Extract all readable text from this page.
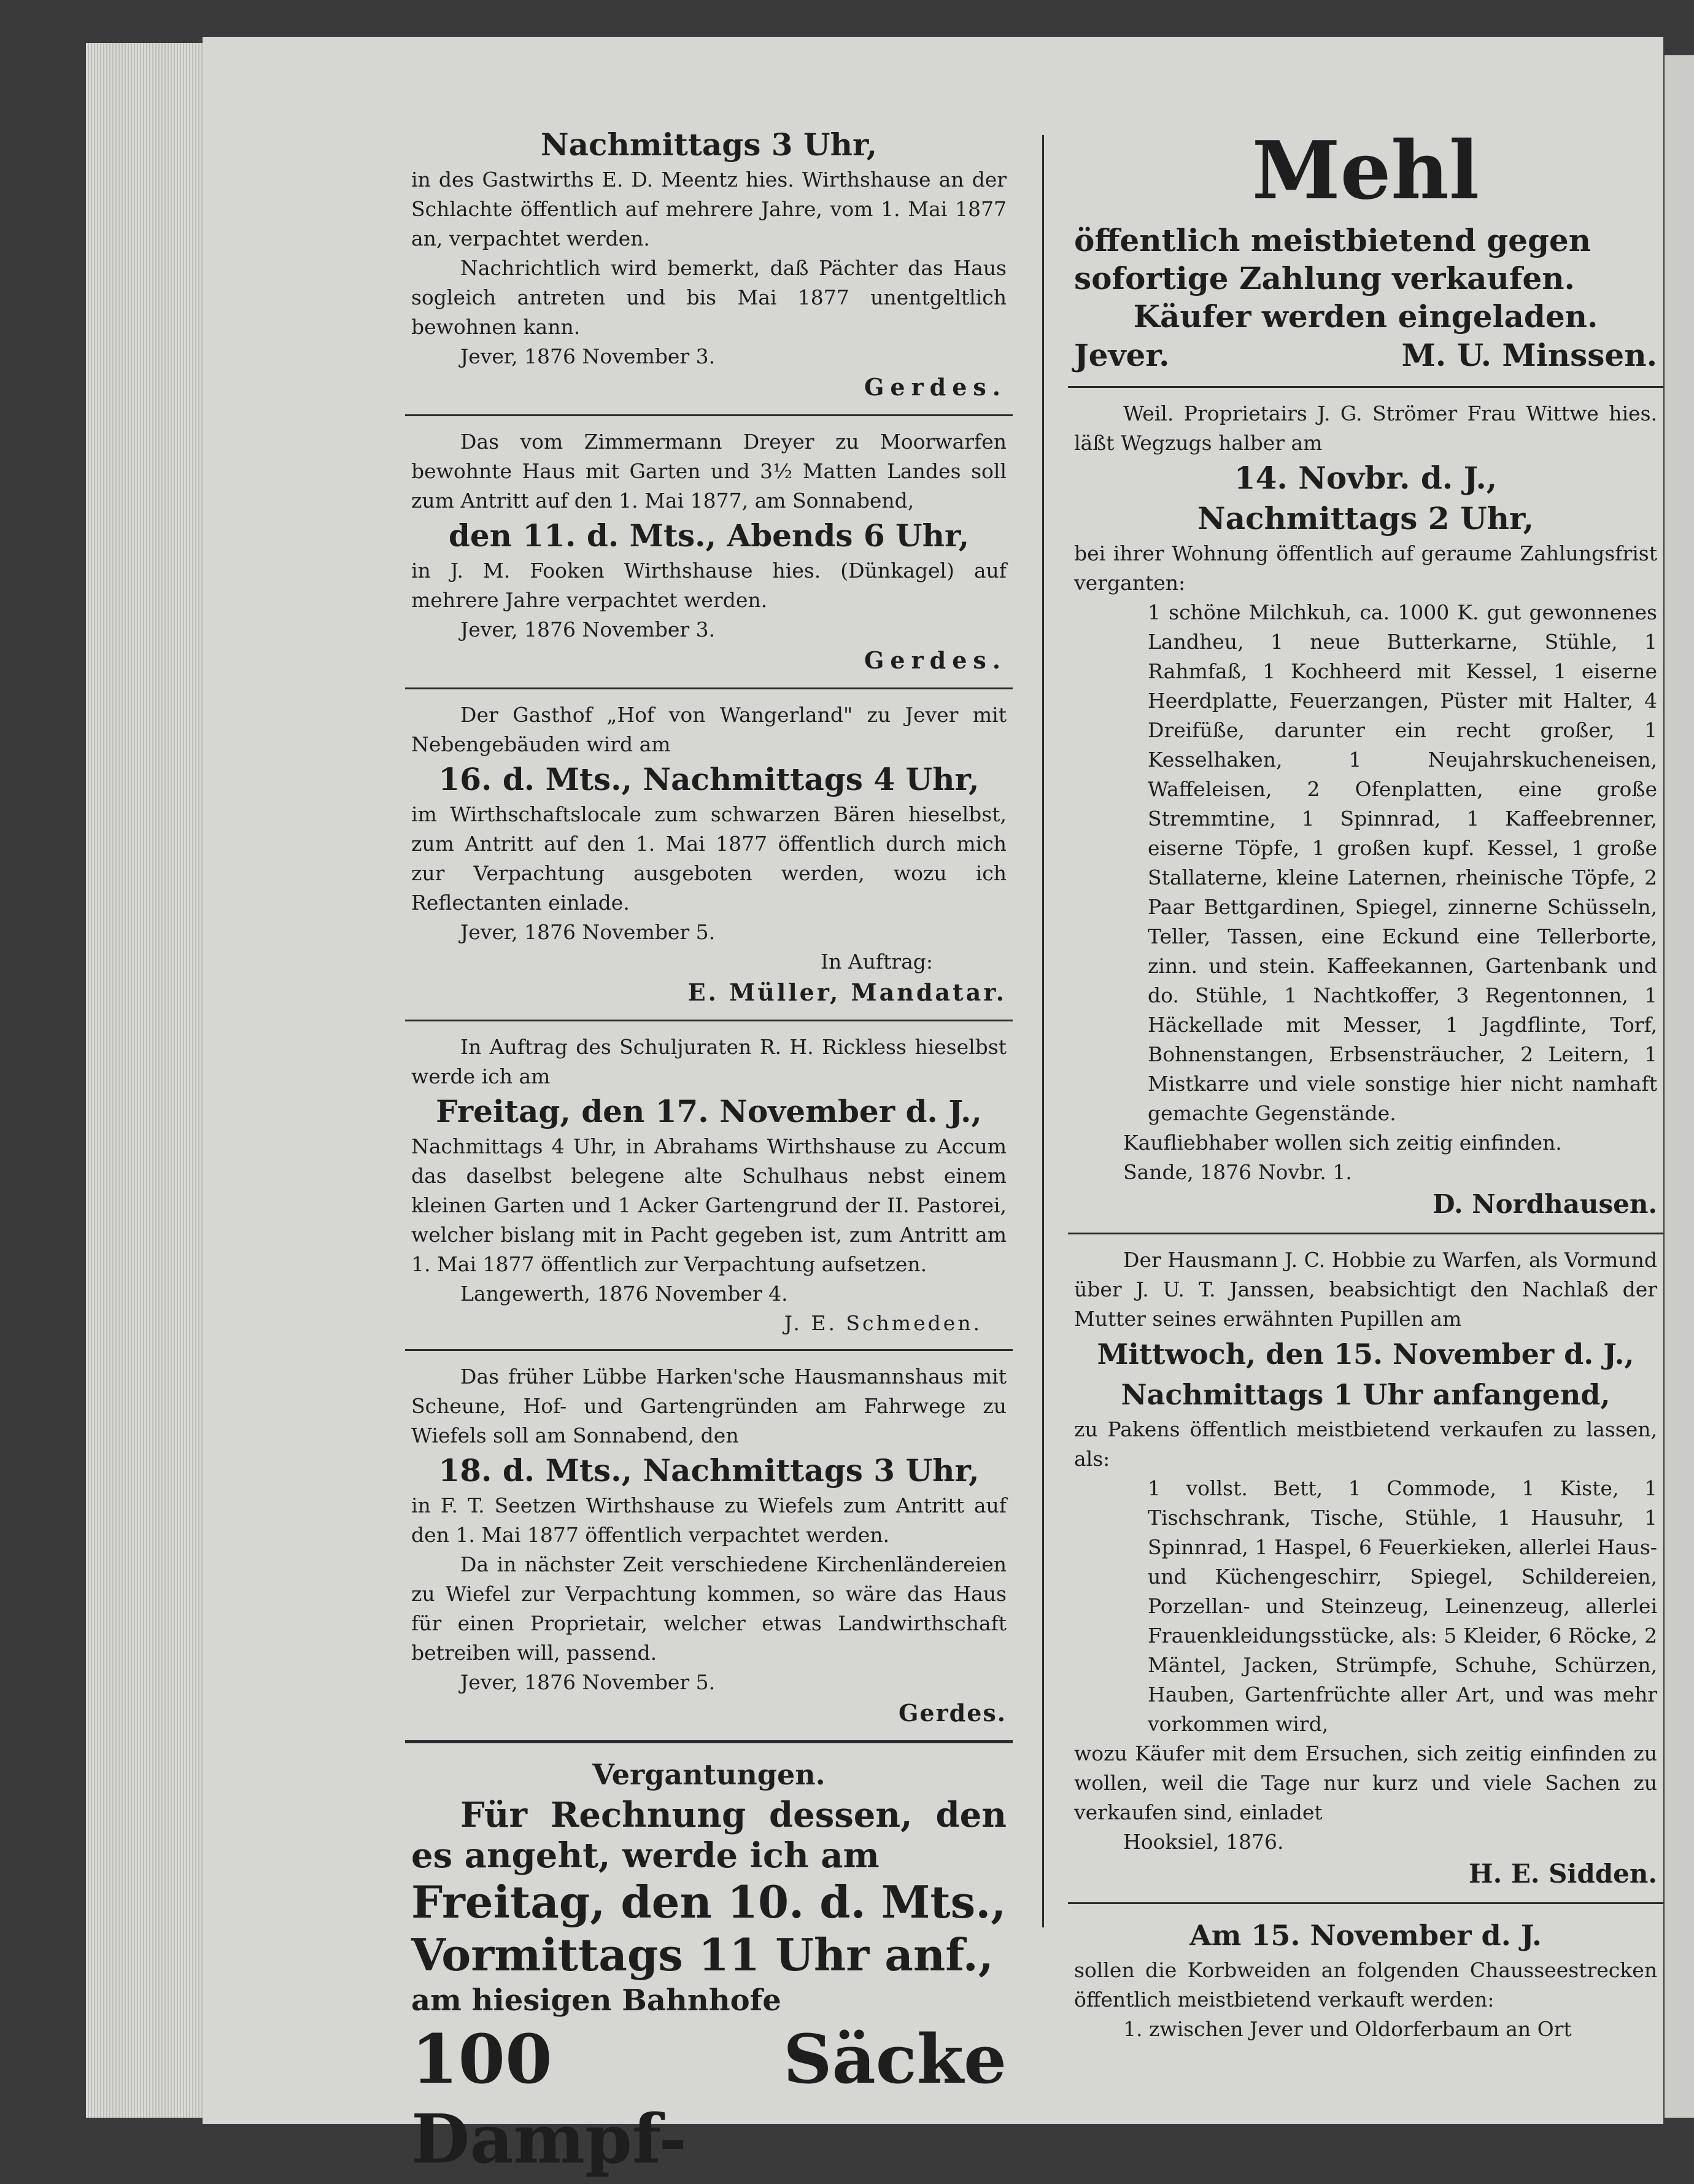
Nachmittags 3 Uhr,

in des Gastwirths E. D. Meentz hies. Wirthshause an der Schlachte öffentlich auf mehrere Jahre, vom 1. Mai 1877 an, verpachtet werden.

Nachrichtlich wird bemerkt, daß Pächter das Haus sogleich antreten und bis Mai 1877 unentgeltlich bewohnen kann.

Jever, 1876 November 3.

Gerdes.

Das vom Zimmermann Dreyer zu Moorwarfen bewohnte Haus mit Garten und 3½ Matten Landes soll zum Antritt auf den 1. Mai 1877, am Sonnabend,

den 11. d. Mts., Abends 6 Uhr,

in J. M. Fooken Wirthshause hies. (Dünkagel) auf mehrere Jahre verpachtet werden.

Jever, 1876 November 3.

Gerdes.

Der Gasthof „Hof von Wangerland" zu Jever mit Nebengebäuden wird am

16. d. Mts., Nachmittags 4 Uhr,

im Wirthschaftslocale zum schwarzen Bären hieselbst, zum Antritt auf den 1. Mai 1877 öffentlich durch mich zur Verpachtung ausgeboten werden, wozu ich Reflectanten einlade.

Jever, 1876 November 5.

In Auftrag:

E. Müller, Mandatar.

In Auftrag des Schuljuraten R. H. Rickless hieselbst werde ich am

Freitag, den 17. November d. J.,

Nachmittags 4 Uhr, in Abrahams Wirthshause zu Accum das daselbst belegene alte Schulhaus nebst einem kleinen Garten und 1 Acker Gartengrund der II. Pastorei, welcher bislang mit in Pacht gegeben ist, zum Antritt am 1. Mai 1877 öffentlich zur Verpachtung aufsetzen.

Langewerth, 1876 November 4.

J. E. Schmeden.

Das früher Lübbe Harken'sche Hausmannshaus mit Scheune, Hof- und Gartengründen am Fahrwege zu Wiefels soll am Sonnabend, den

18. d. Mts., Nachmittags 3 Uhr,

in F. T. Seetzen Wirthshause zu Wiefels zum Antritt auf den 1. Mai 1877 öffentlich verpachtet werden.

Da in nächster Zeit verschiedene Kirchenländereien zu Wiefel zur Verpachtung kommen, so wäre das Haus für einen Proprietair, welcher etwas Landwirthschaft betreiben will, passend.

Jever, 1876 November 5.

Gerdes.

Vergantungen.

Für Rechnung dessen, den es angeht, werde ich am

Freitag, den 10. d. Mts.,

Vormittags 11 Uhr anf.,

am hiesigen Bahnhofe

100 Säcke Dampf-

Mehl

öffentlich meistbietend gegen sofortige Zahlung verkaufen.

Käufer werden eingeladen.

Jever.	M. U. Minssen.

Weil. Proprietairs J. G. Strömer Frau Wittwe hies. läßt Wegzugs halber am

14. Novbr. d. J.,

Nachmittags 2 Uhr,

bei ihrer Wohnung öffentlich auf geraume Zahlungsfrist verganten:

1 schöne Milchkuh, ca. 1000 K. gut gewonnenes Landheu, 1 neue Butterkarne, Stühle, 1 Rahmfaß, 1 Kochheerd mit Kessel, 1 eiserne Heerdplatte, Feuerzangen, Püster mit Halter, 4 Dreifüße, darunter ein recht großer, 1 Kesselhaken, 1 Neujahrskucheneisen, Waffeleisen, 2 Ofenplatten, eine große Stremmtine, 1 Spinnrad, 1 Kaffeebrenner, eiserne Töpfe, 1 großen kupf. Kessel, 1 große Stallaterne, kleine Laternen, rheinische Töpfe, 2 Paar Bettgardinen, Spiegel, zinnerne Schüsseln, Teller, Tassen, eine Eckund eine Tellerborte, zinn. und stein. Kaffeekannen, Gartenbank und do. Stühle, 1 Nachtkoffer, 3 Regentonnen, 1 Häckellade mit Messer, 1 Jagdflinte, Torf, Bohnenstangen, Erbsensträucher, 2 Leitern, 1 Mistkarre und viele sonstige hier nicht namhaft gemachte Gegenstände.

Kaufliebhaber wollen sich zeitig einfinden.

Sande, 1876 Novbr. 1.

D. Nordhausen.

Der Hausmann J. C. Hobbie zu Warfen, als Vormund über J. U. T. Janssen, beabsichtigt den Nachlaß der Mutter seines erwähnten Pupillen am

Mittwoch, den 15. November d. J.,

Nachmittags 1 Uhr anfangend,

zu Pakens öffentlich meistbietend verkaufen zu lassen, als:

1 vollst. Bett, 1 Commode, 1 Kiste, 1 Tischschrank, Tische, Stühle, 1 Hausuhr, 1 Spinnrad, 1 Haspel, 6 Feuerkieken, allerlei Haus- und Küchengeschirr, Spiegel, Schildereien, Porzellan- und Steinzeug, Leinenzeug, allerlei Frauenkleidungsstücke, als: 5 Kleider, 6 Röcke, 2 Mäntel, Jacken, Strümpfe, Schuhe, Schürzen, Hauben, Gartenfrüchte aller Art, und was mehr vorkommen wird,

wozu Käufer mit dem Ersuchen, sich zeitig einfinden zu wollen, weil die Tage nur kurz und viele Sachen zu verkaufen sind, einladet

Hooksiel, 1876.

H. E. Sidden.

Am 15. November d. J.

sollen die Korbweiden an folgenden Chausseestrecken öffentlich meistbietend verkauft werden:

1. zwischen Jever und Oldorferbaum an Ort
